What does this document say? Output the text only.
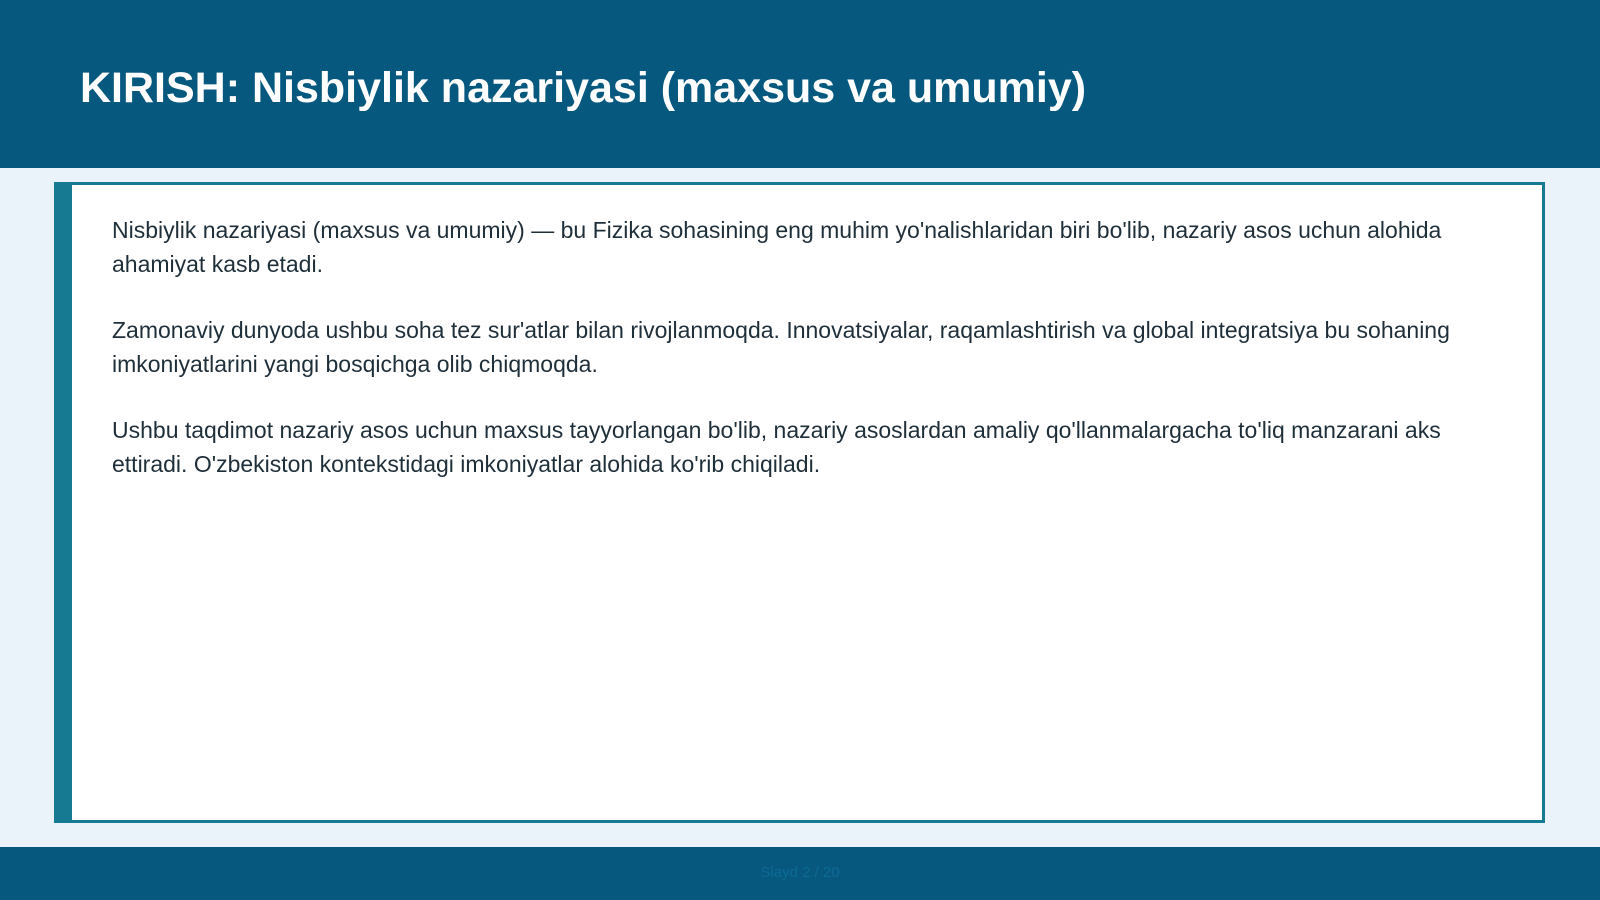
KIRISH: Nisbiylik nazariyasi (maxsus va umumiy)

Nisbiylik nazariyasi (maxsus va umumiy) — bu Fizika sohasining eng muhim yo'nalishlaridan biri bo'lib, nazariy asos uchun alohida ahamiyat kasb etadi.

Zamonaviy dunyoda ushbu soha tez sur'atlar bilan rivojlanmoqda. Innovatsiyalar, raqamlashtirish va global integratsiya bu sohaning imkoniyatlarini yangi bosqichga olib chiqmoqda.

Ushbu taqdimot nazariy asos uchun maxsus tayyorlangan bo'lib, nazariy asoslardan amaliy qo'llanmalargacha to'liq manzarani aks ettiradi. O'zbekiston kontekstidagi imkoniyatlar alohida ko'rib chiqiladi.

Slayd 2 / 20
